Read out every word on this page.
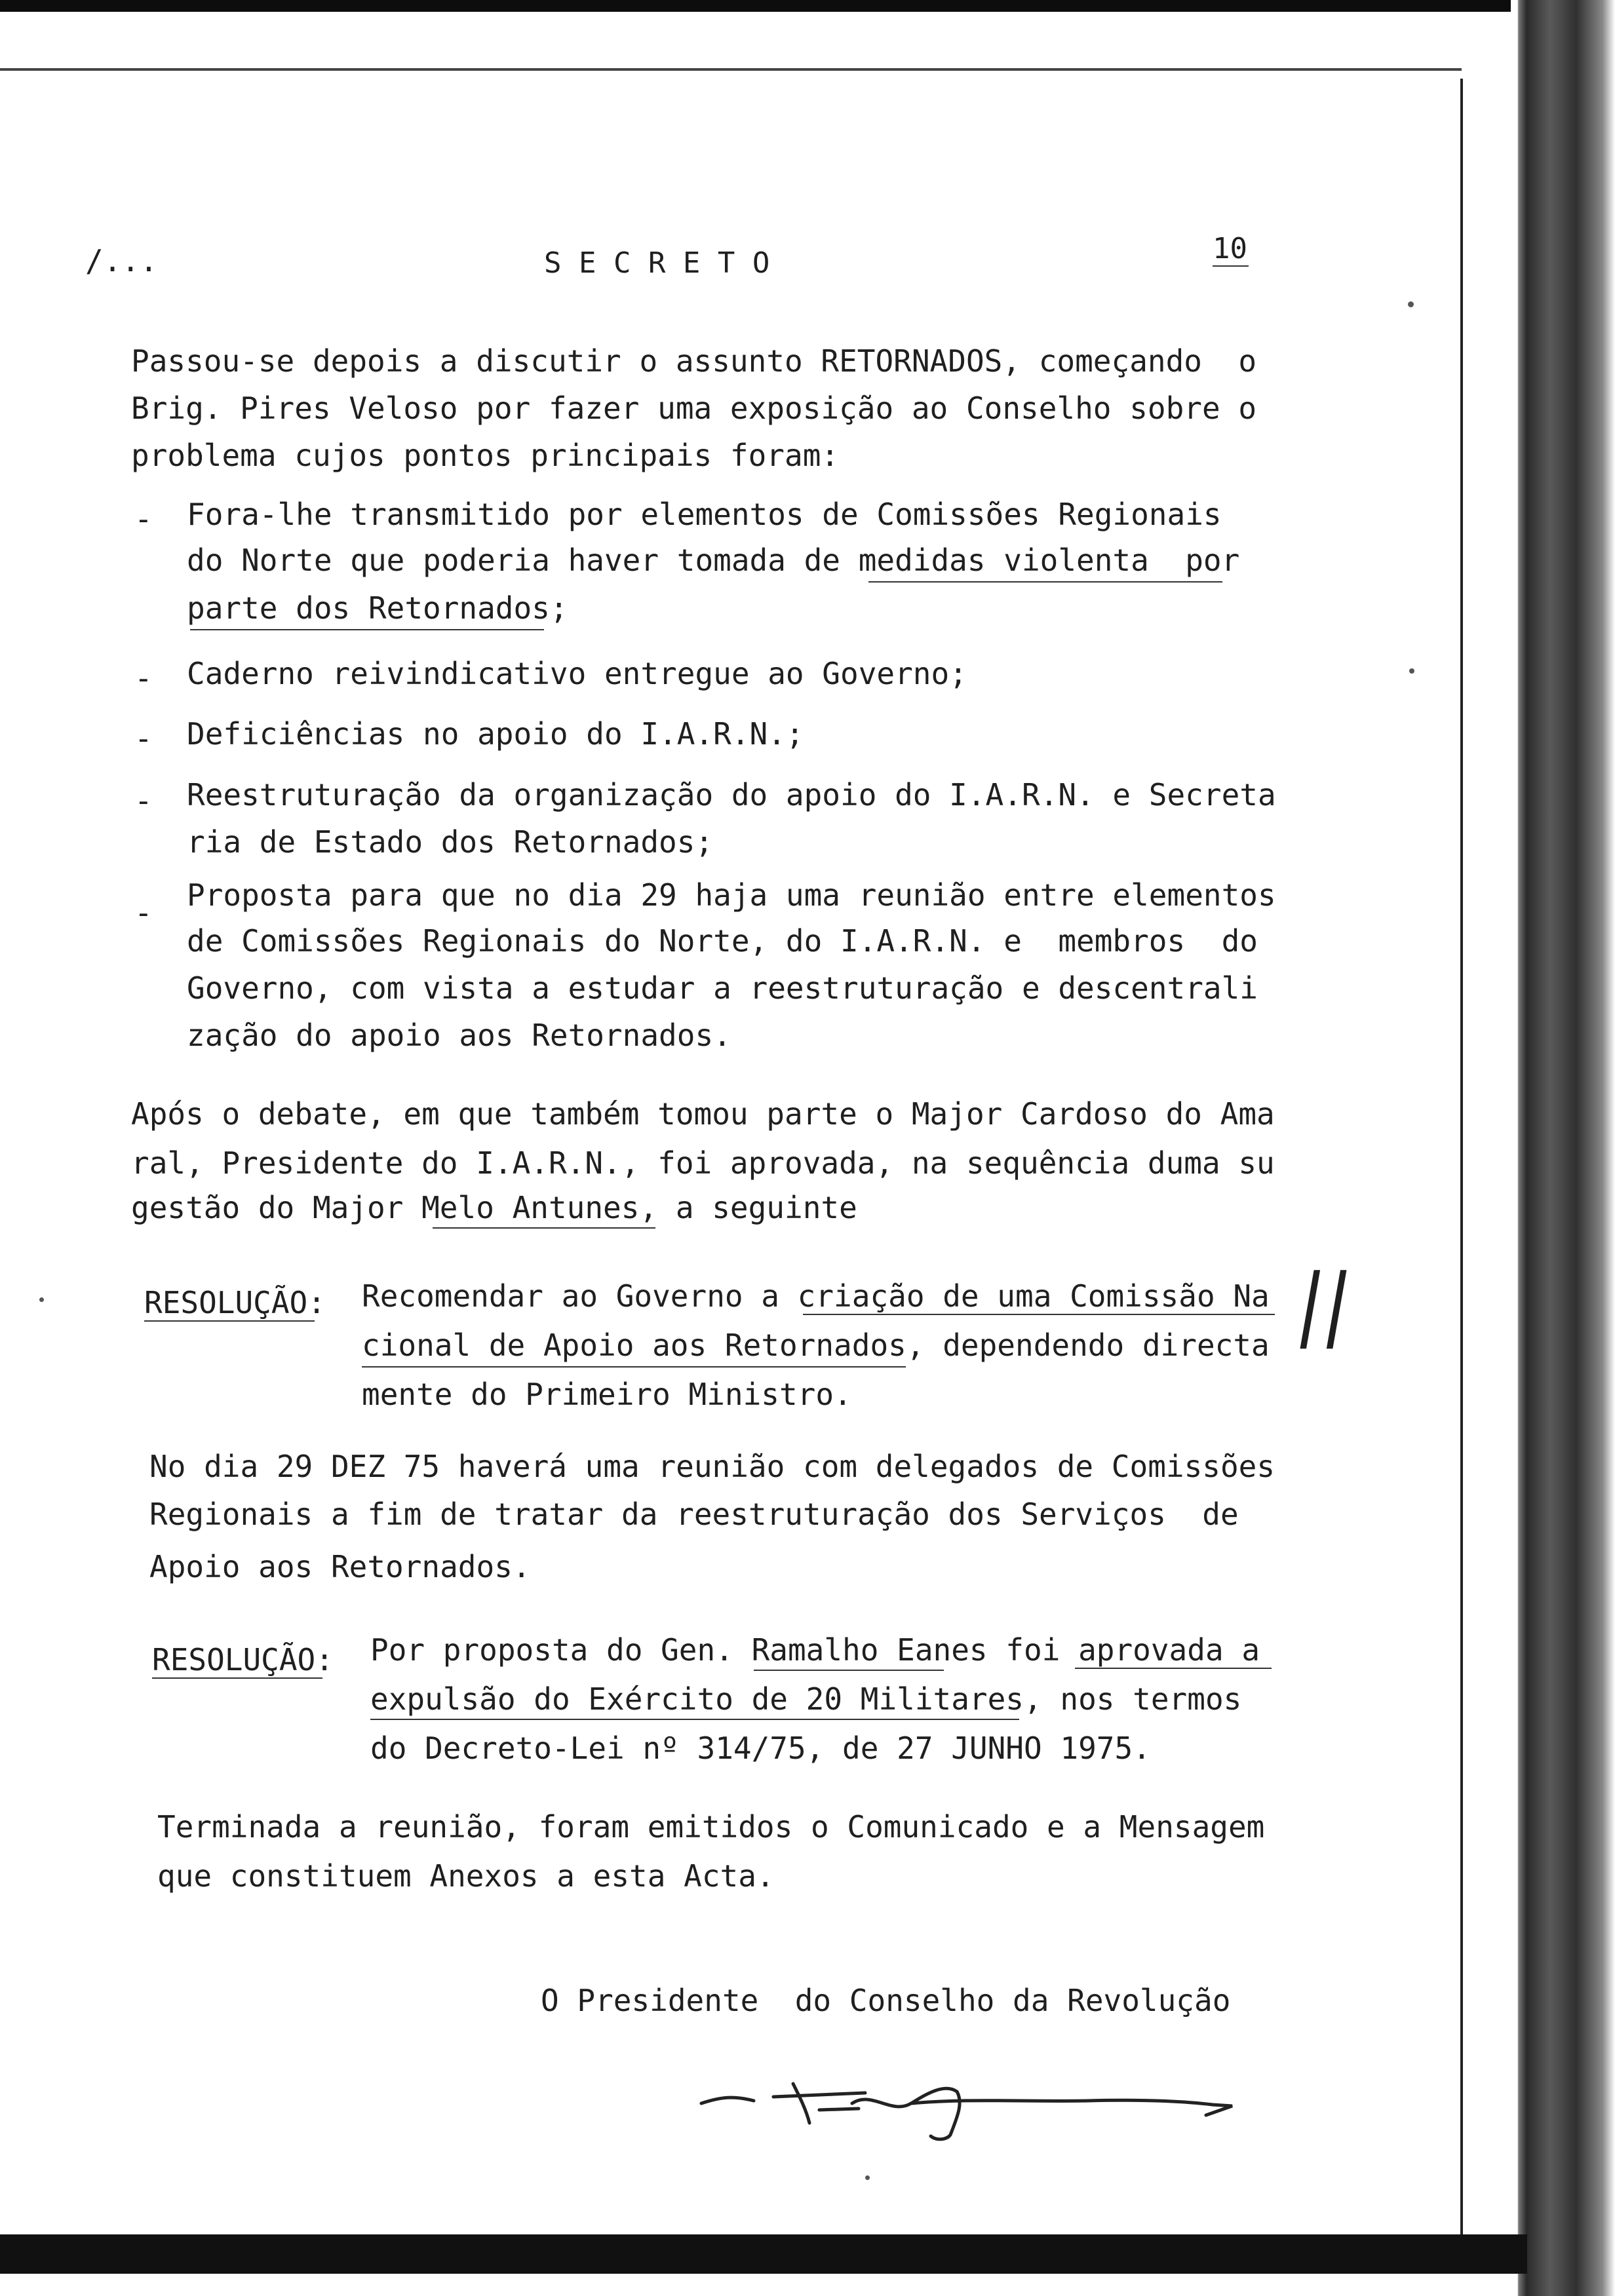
/...	S E C R E T O	10
Passou-se depois a discutir o assunto RETORNADOS, começando  o
Brig. Pires Veloso por fazer uma exposição ao Conselho sobre o
problema cujos pontos principais foram:
- Fora-lhe transmitido por elementos de Comissões Regionais
do Norte que poderia haver tomada de medidas violenta  por
parte dos Retornados;
- Caderno reivindicativo entregue ao Governo;
- Deficiências no apoio do I.A.R.N.;
- Reestruturação da organização do apoio do I.A.R.N. e Secreta
ria de Estado dos Retornados;
- Proposta para que no dia 29 haja uma reunião entre elementos
de Comissões Regionais do Norte, do I.A.R.N. e  membros  do
Governo, com vista a estudar a reestruturação e descentrali
zação do apoio aos Retornados.
Após o debate, em que também tomou parte o Major Cardoso do Ama
ral, Presidente do I.A.R.N., foi aprovada, na sequência duma su
gestão do Major Melo Antunes, a seguinte
RESOLUÇÃO: Recomendar ao Governo a criação de uma Comissão Na
cional de Apoio aos Retornados, dependendo directa
mente do Primeiro Ministro.
||
No dia 29 DEZ 75 haverá uma reunião com delegados de Comissões
Regionais a fim de tratar da reestruturação dos Serviços  de
Apoio aos Retornados.
RESOLUÇÃO: Por proposta do Gen. Ramalho Eanes foi aprovada a
expulsão do Exército de 20 Militares, nos termos
do Decreto-Lei nº 314/75, de 27 JUNHO 1975.
Terminada a reunião, foram emitidos o Comunicado e a Mensagem
que constituem Anexos a esta Acta.
O Presidente  do Conselho da Revolução
